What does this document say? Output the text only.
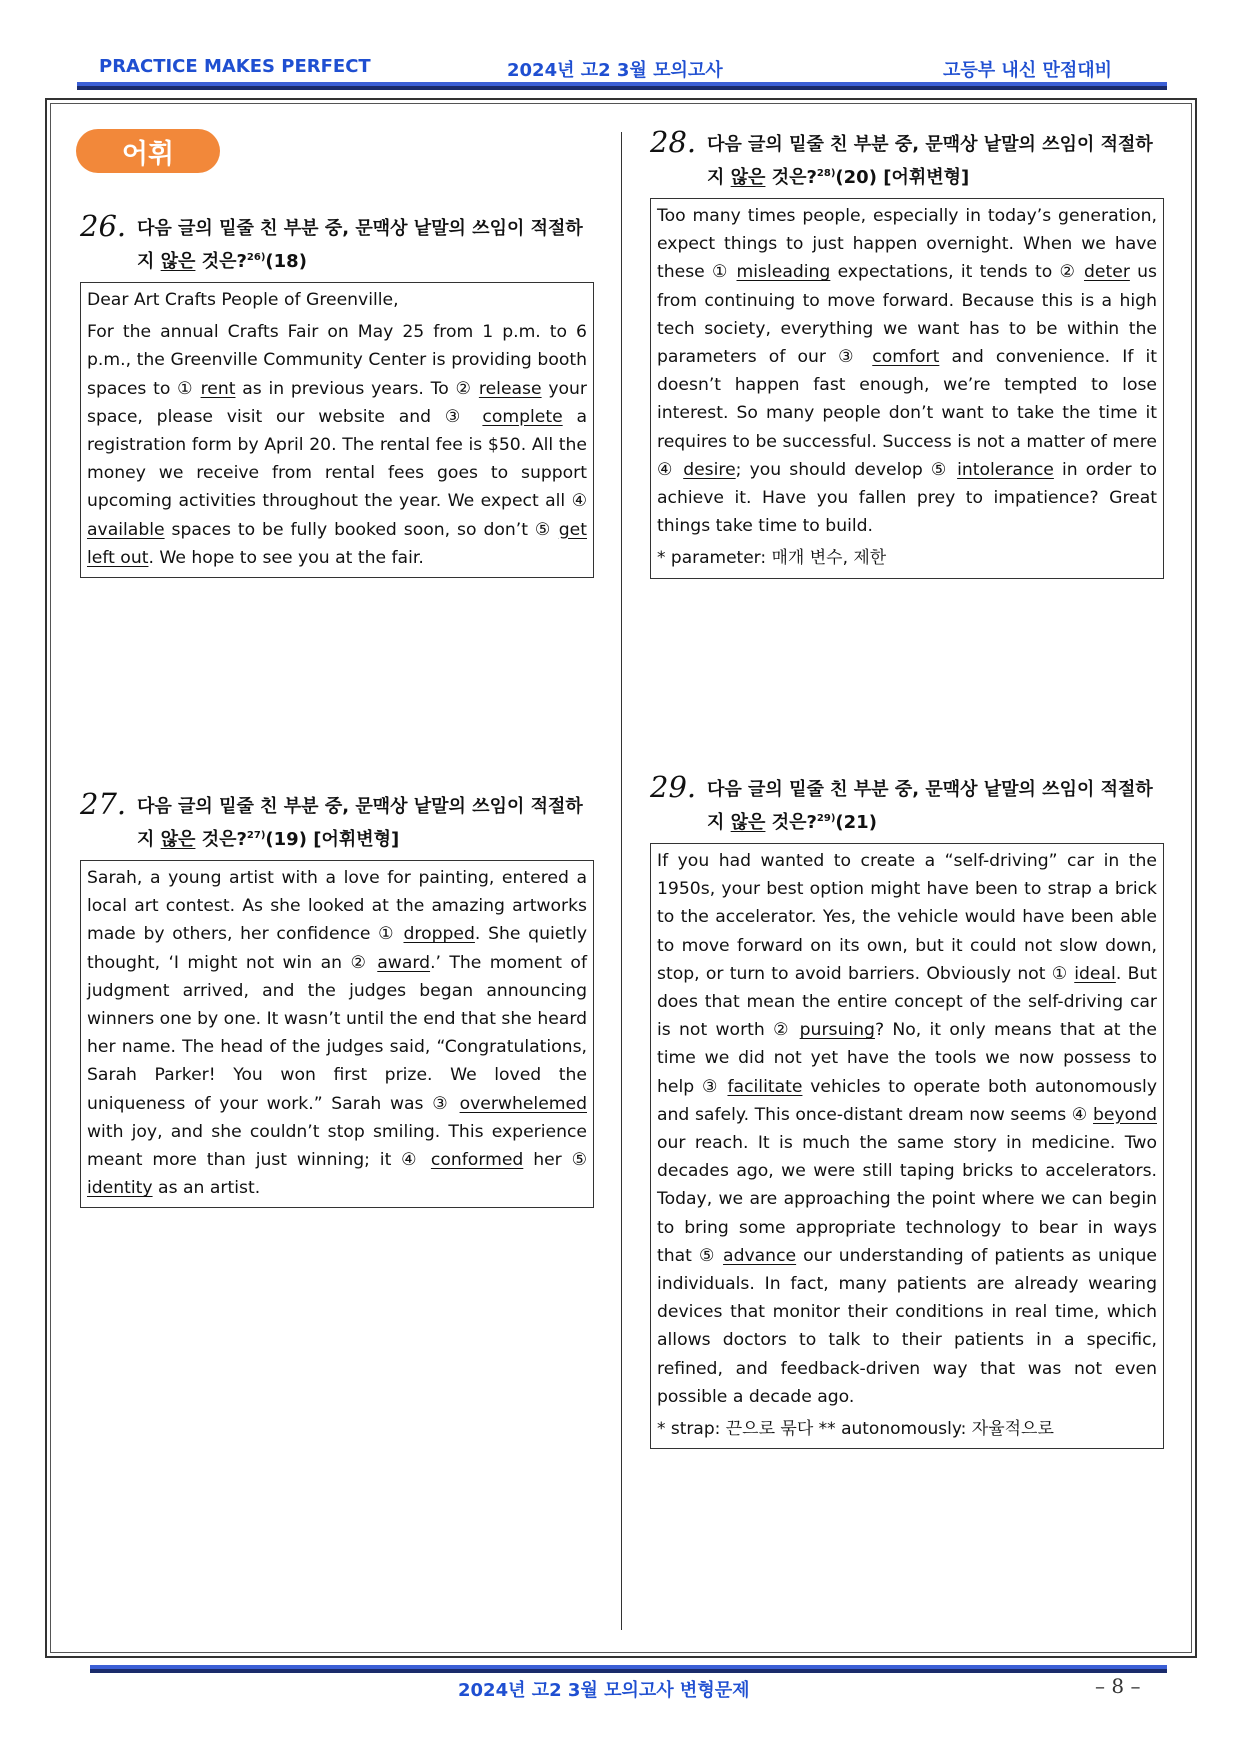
PRACTICE MAKES PERFECT	2024년 고2 3월 모의고사	고등부 내신 만점대비
어휘
26. 다음 글의 밑줄 친 부분 중, 문맥상 낱말의 쓰임이 적절하지 않은 것은?$^{26)}$(18)

Dear Art Crafts People of Greenville,

For the annual Crafts Fair on May 25 from 1 p.m. to 6 p.m., the Greenville Community Center is providing booth spaces to ① rent as in previous years. To ② release your space, please visit our website and ③ complete a registration form by April 20. The rental fee is $50. All the money we receive from rental fees goes to support upcoming activities throughout the year. We expect all ④ available spaces to be fully booked soon, so don’t ⑤ get left out. We hope to see you at the fair.

27. 다음 글의 밑줄 친 부분 중, 문맥상 낱말의 쓰임이 적절하지 않은 것은?$^{27)}$(19) [어휘변형]

Sarah, a young artist with a love for painting, entered a local art contest. As she looked at the amazing artworks made by others, her confidence ① dropped. She quietly thought, ‘I might not win an ② award.’ The moment of judgment arrived, and the judges began announcing winners one by one. It wasn’t until the end that she heard her name. The head of the judges said, “Congratulations, Sarah Parker! You won first prize. We loved the uniqueness of your work.” Sarah was ③ overwhelemed with joy, and she couldn’t stop smiling. This experience meant more than just winning; it ④ conformed her ⑤ identity as an artist.

28. 다음 글의 밑줄 친 부분 중, 문맥상 낱말의 쓰임이 적절하지 않은 것은?$^{28)}$(20) [어휘변형]

Too many times people, especially in today’s generation, expect things to just happen overnight. When we have these ① misleading expectations, it tends to ② deter us from continuing to move forward. Because this is a high tech society, everything we want has to be within the parameters of our ③ comfort and convenience. If it doesn’t happen fast enough, we’re tempted to lose interest. So many people don’t want to take the time it requires to be successful. Success is not a matter of mere ④ desire; you should develop ⑤ intolerance in order to achieve it. Have you fallen prey to impatience? Great things take time to build.

* parameter: 매개 변수, 제한

29. 다음 글의 밑줄 친 부분 중, 문맥상 낱말의 쓰임이 적절하지 않은 것은?$^{29)}$(21)

If you had wanted to create a “self-driving” car in the 1950s, your best option might have been to strap a brick to the accelerator. Yes, the vehicle would have been able to move forward on its own, but it could not slow down, stop, or turn to avoid barriers. Obviously not ① ideal. But does that mean the entire concept of the self-driving car is not worth ② pursuing? No, it only means that at the time we did not yet have the tools we now possess to help ③ facilitate vehicles to operate both autonomously and safely. This once-distant dream now seems ④ beyond our reach. It is much the same story in medicine. Two decades ago, we were still taping bricks to accelerators. Today, we are approaching the point where we can begin to bring some appropriate technology to bear in ways that ⑤ advance our understanding of patients as unique individuals. In fact, many patients are already wearing devices that monitor their conditions in real time, which allows doctors to talk to their patients in a specific, refined, and feedback-driven way that was not even possible a decade ago.

* strap: 끈으로 묶다 ** autonomously: 자율적으로

2024년 고2 3월 모의고사 변형문제	– 8 –
